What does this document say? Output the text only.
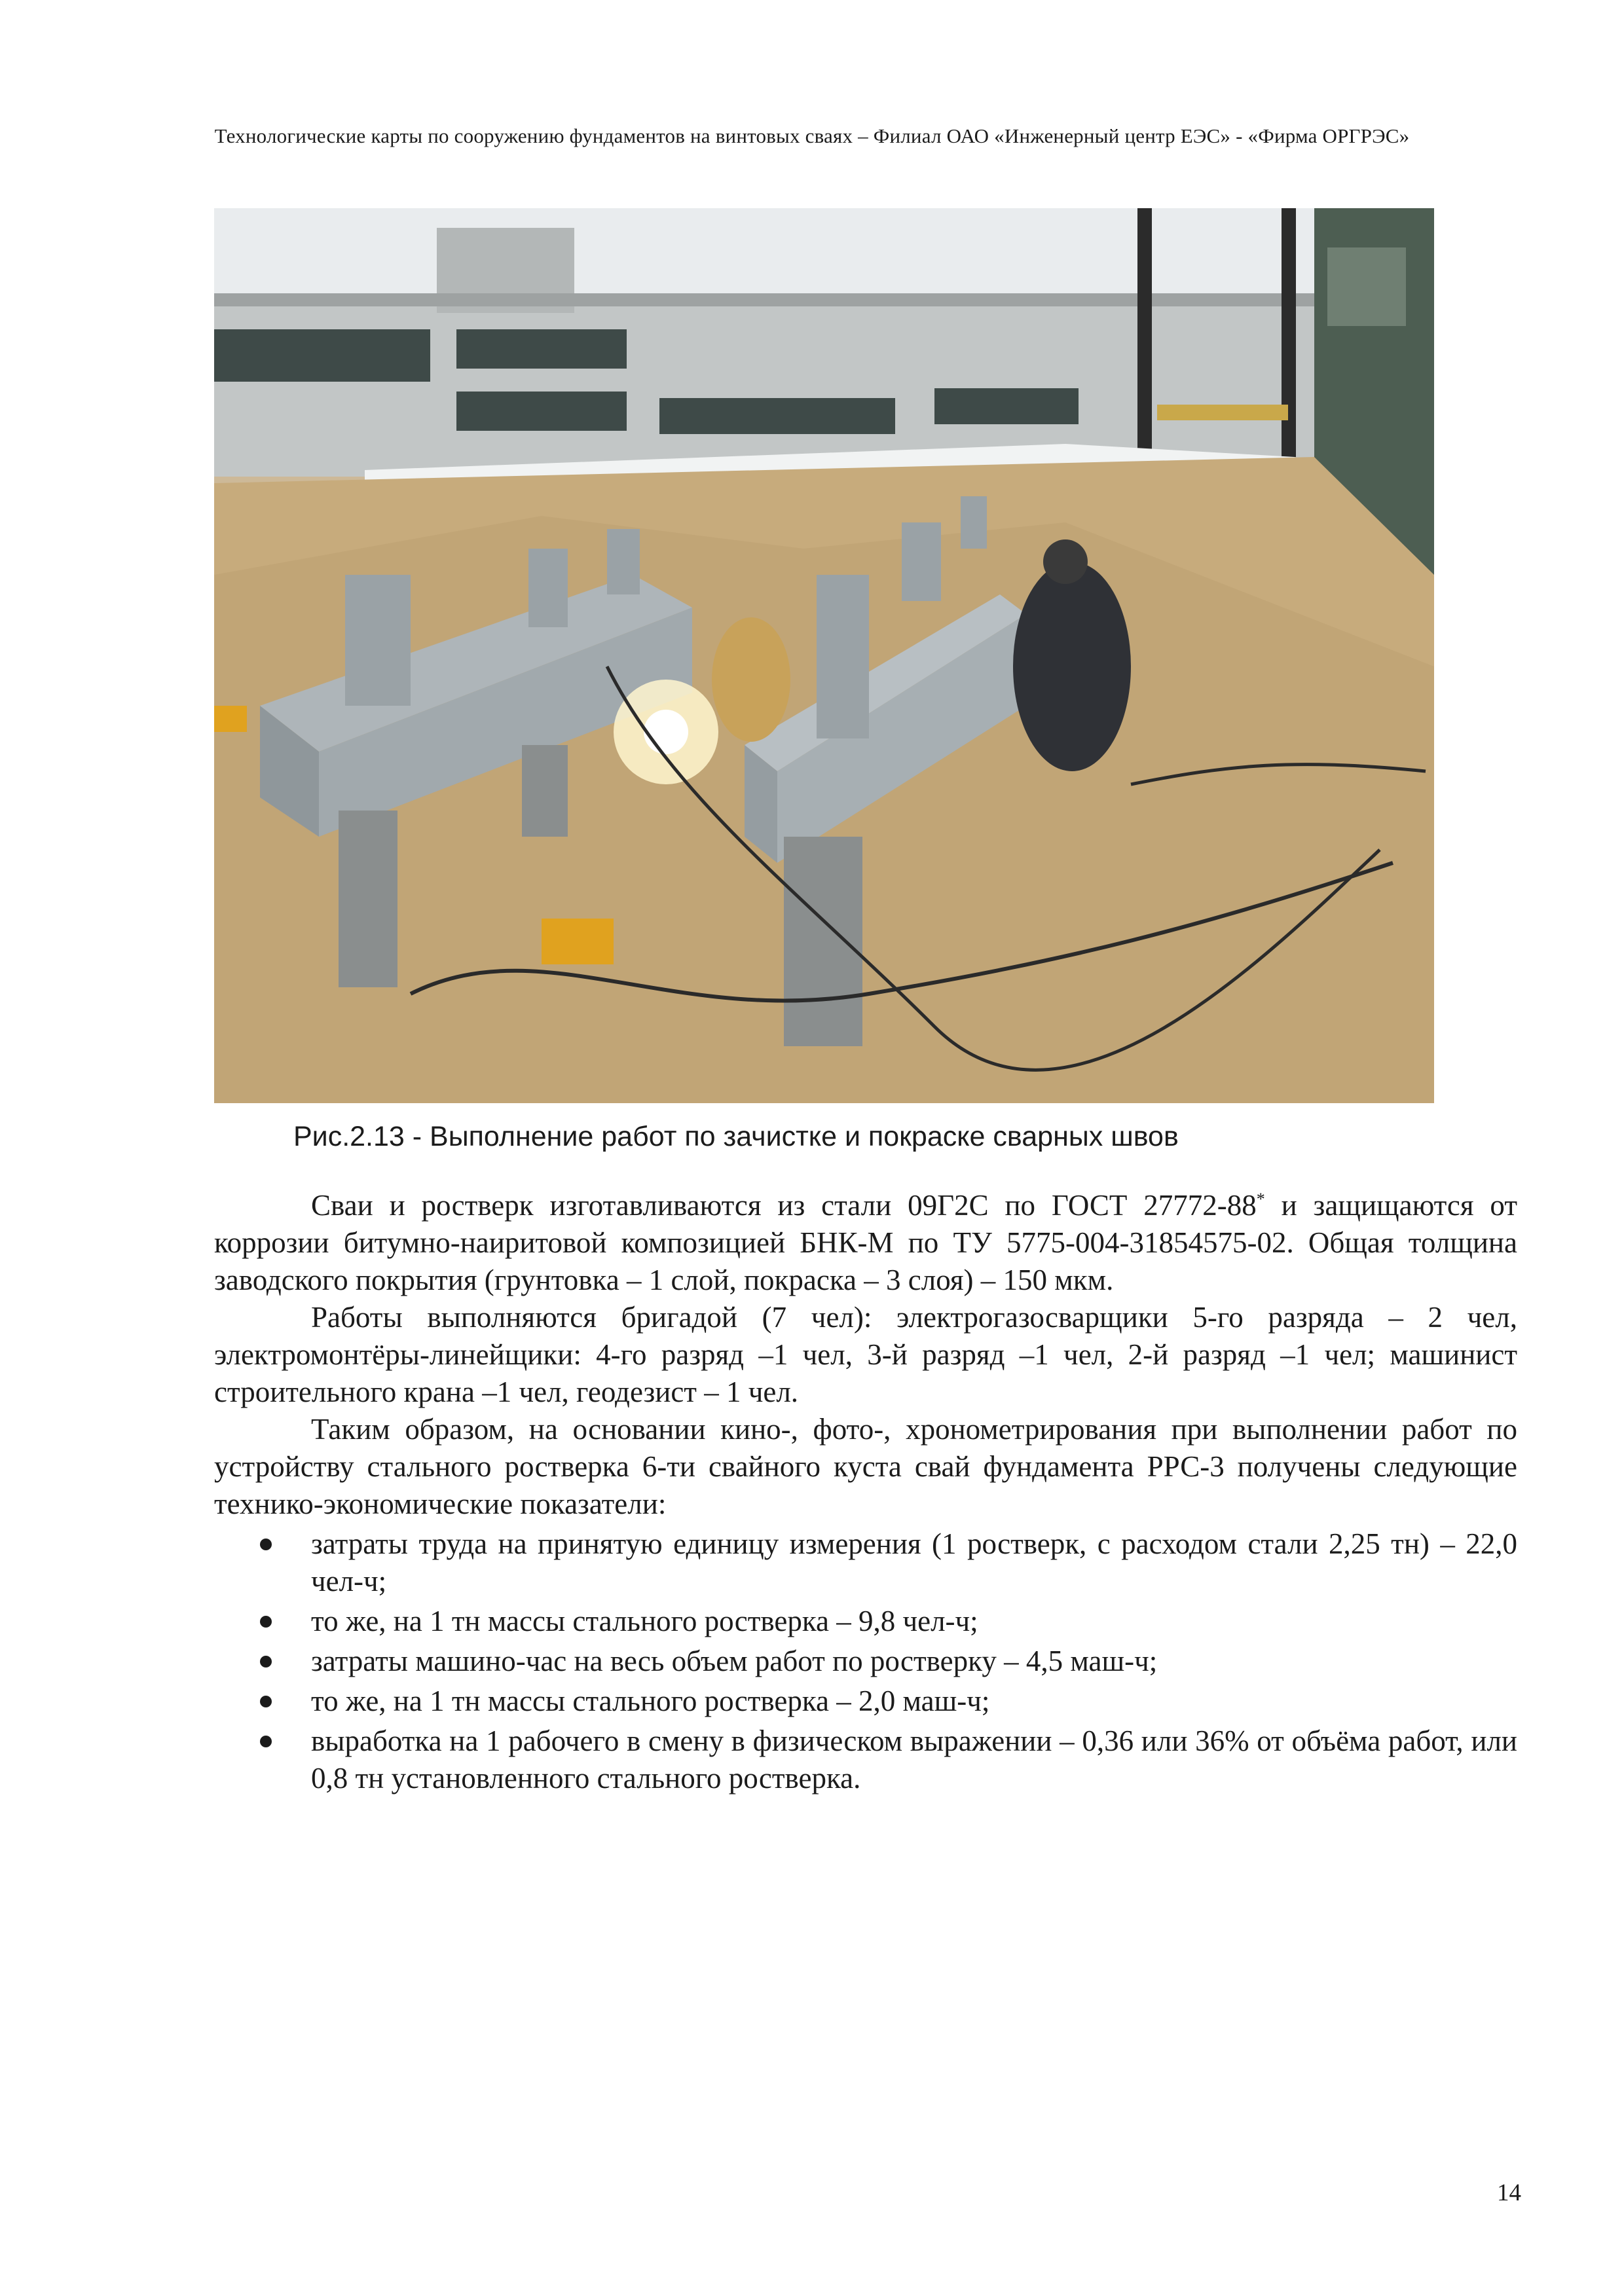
Технологические карты по сооружению фундаментов на винтовых сваях – Филиал ОАО «Инженерный центр ЕЭС» - «Фирма ОРГРЭС»
Рис.2.13 - Выполнение работ по зачистке и покраске сварных швов

Сваи и ростверк изготавливаются из стали 09Г2С по ГОСТ 27772-88* и защищаются от коррозии битумно-наиритовой композицией БНК-М по ТУ 5775-004-31854575-02. Общая толщина заводского покрытия (грунтовка – 1 слой, покраска – 3 слоя) – 150 мкм.

Работы выполняются бригадой (7 чел): электрогазосварщики 5-го разряда – 2 чел, электромонтёры-линейщики: 4-го разряд –1 чел, 3-й разряд –1 чел, 2-й разряд –1 чел; машинист строительного крана –1 чел, геодезист – 1 чел.

Таким образом, на основании кино-, фото-, хронометрирования при выполнении работ по устройству стального ростверка 6-ти свайного куста свай фундамента РРС-3 получены следующие технико-экономические показатели:

затраты труда на принятую единицу измерения (1 ростверк, с расходом стали 2,25 тн) – 22,0 чел-ч;
то же, на 1 тн массы стального ростверка – 9,8 чел-ч;
затраты машино-час на весь объем работ по ростверку – 4,5 маш-ч;
то же, на 1 тн массы стального ростверка – 2,0 маш-ч;
выработка на 1 рабочего в смену в физическом выражении – 0,36 или 36% от объёма работ, или 0,8 тн установленного стального ростверка.
14
